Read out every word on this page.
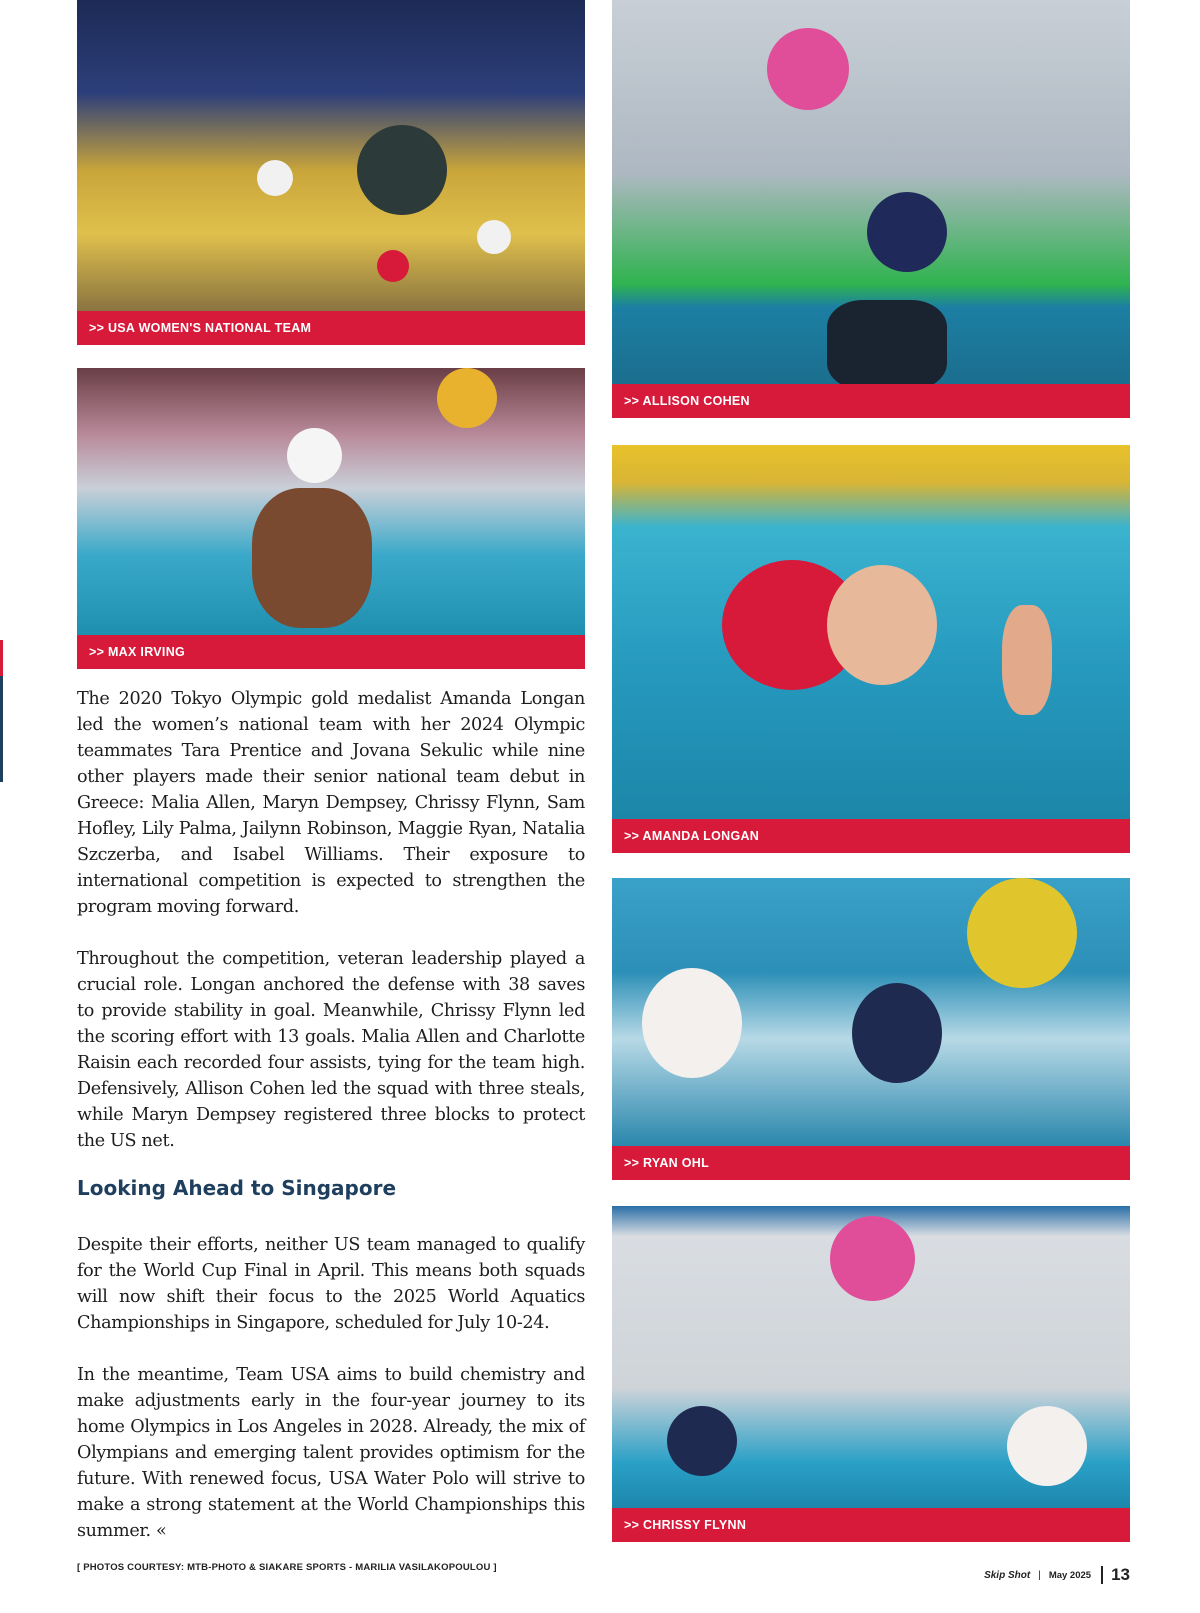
>> USA WOMEN'S NATIONAL TEAM
>> MAX IRVING
>> ALLISON COHEN
>> AMANDA LONGAN
>> RYAN OHL
>> CHRISSY FLYNN

The 2020 Tokyo Olympic gold medalist Amanda Longan led the women’s national team with her 2024 Olympic teammates Tara Prentice and Jovana Sekulic while nine other players made their senior national team debut in Greece: Malia Allen, Maryn Dempsey, Chrissy Flynn, Sam Hofley, Lily Palma, Jailynn Robinson, Maggie Ryan, Natalia Szczerba, and Isabel Williams. Their exposure to international competition is expected to strengthen the program moving forward.

Throughout the competition, veteran leadership played a crucial role. Longan anchored the defense with 38 saves to provide stability in goal. Meanwhile, Chrissy Flynn led the scoring effort with 13 goals. Malia Allen and Charlotte Raisin each recorded four assists, tying for the team high. Defensively, Allison Cohen led the squad with three steals, while Maryn Dempsey registered three blocks to protect the US net.

Looking Ahead to Singapore

Despite their efforts, neither US team managed to qualify for the World Cup Final in April. This means both squads will now shift their focus to the 2025 World Aquatics Championships in Singapore, scheduled for July 10-24.

In the meantime, Team USA aims to build chemistry and make adjustments early in the four-year journey to its home Olympics in Los Angeles in 2028. Already, the mix of Olympians and emerging talent provides optimism for the future. With renewed focus, USA Water Polo will strive to make a strong statement at the World Championships this summer. «

[ PHOTOS COURTESY: MTB-PHOTO & SIAKARE SPORTS - MARILIA VASILAKOPOULOU ]
Skip Shot | May 2025	13
